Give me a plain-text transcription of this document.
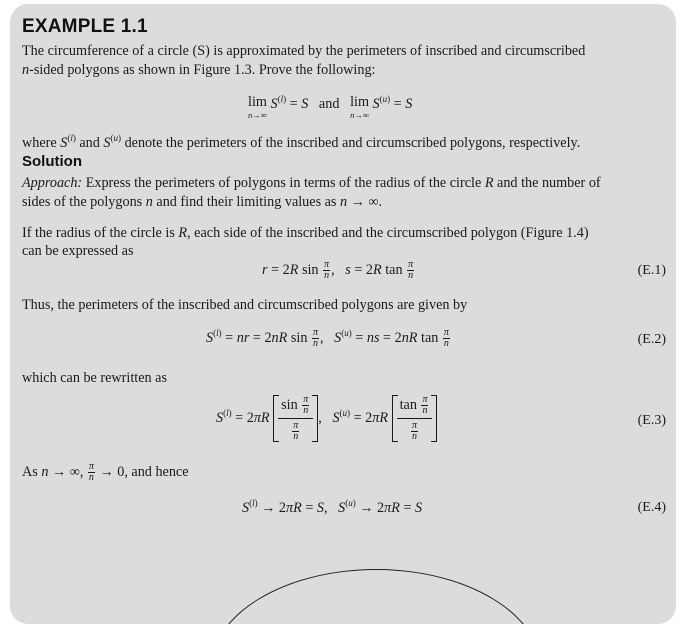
EXAMPLE 1.1
The circumference of a circle (S) is approximated by the perimeters of inscribed and circumscribed
n-sided polygons as shown in Figure 1.3. Prove the following:
lim
n→∞
$S^{(l)} = S$   and   lim
n→∞
$S^{(u)} = S$
where $S^{(l)}$ and $S^{(u)}$ denote the perimeters of the inscribed and circumscribed polygons, respectively.
Solution
Approach: Express the perimeters of polygons in terms of the radius of the circle R and the number of
sides of the polygons n and find their limiting values as n → ∞.
If the radius of the circle is R, each side of the inscribed and the circumscribed polygon (Figure 1.4)
can be expressed as
r = 2R $\sin \frac{\pi}{n}$ ,   s = 2R $\tan \frac{\pi}{n}$	(E.1)
Thus, the perimeters of the inscribed and circumscribed polygons are given by
$S^{(l)}$ = nr = 2nR $\sin \frac{\pi}{n}$ ,   $S^{(u)}$ = ns = 2nR $\tan \frac{\pi}{n}$	(E.2)
which can be rewritten as
$S^{(l)} = 2\pi R \frac{\sin \frac{\pi}{n}}{\frac{\pi}{n}}$ ,   $S^{(u)} = 2\pi R \frac{\tan \frac{\pi}{n}}{\frac{\pi}{n}}$	(E.3)
As n → ∞, $\frac{\pi}{n} \to 0$, and hence
$S^{(l)} \to 2\pi R = S$,   $S^{(u)} \to 2\pi R = S$	(E.4)
